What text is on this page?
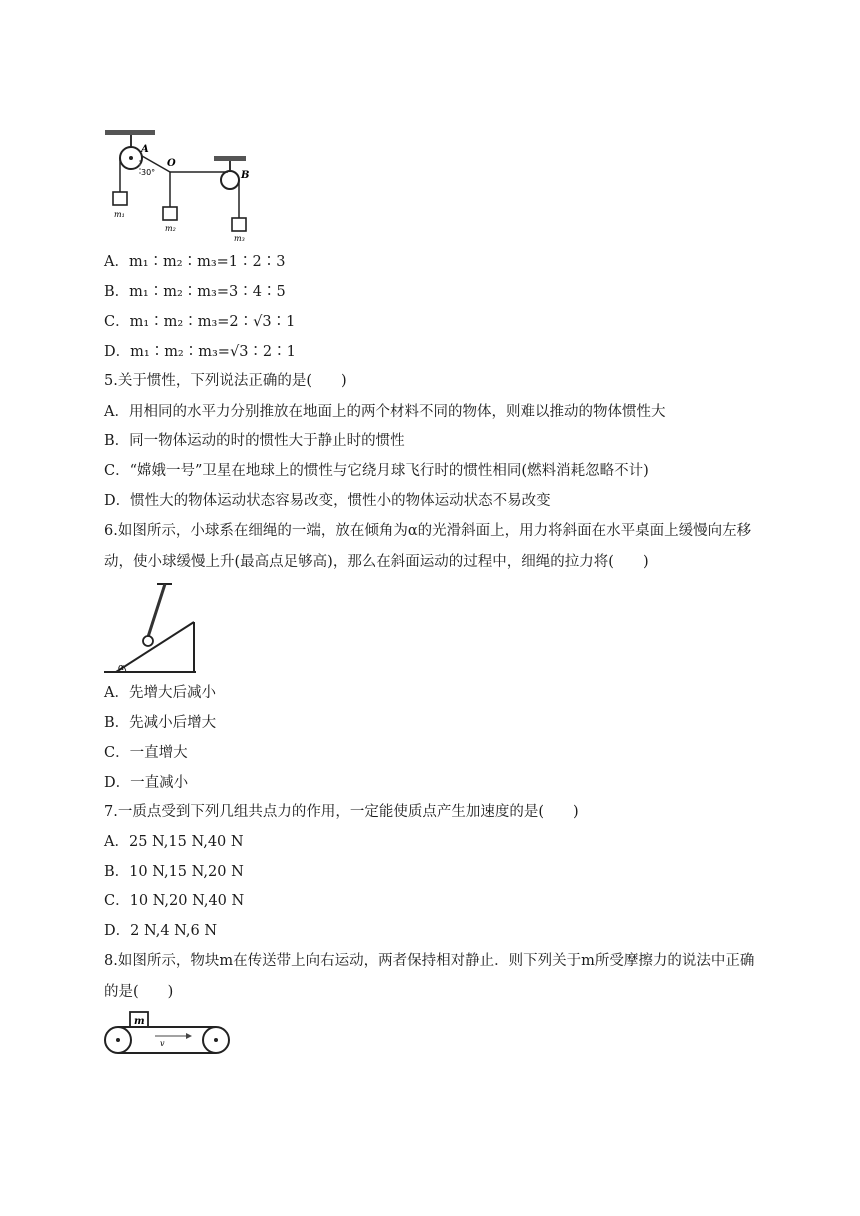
A
O
B
30°
m₁
m₂
m₃
A．m₁∶m₂∶m₃=1∶2∶3
B．m₁∶m₂∶m₃=3∶4∶5
C．m₁∶m₂∶m₃=2∶√3∶1
D．m₁∶m₂∶m₃=√3∶2∶1
5.关于惯性，下列说法正确的是(　　)
A．用相同的水平力分别推放在地面上的两个材料不同的物体，则难以推动的物体惯性大
B．同一物体运动的时的惯性大于静止时的惯性
C．“嫦娥一号”卫星在地球上的惯性与它绕月球飞行时的惯性相同(燃料消耗忽略不计)
D．惯性大的物体运动状态容易改变，惯性小的物体运动状态不易改变
6.如图所示，小球系在细绳的一端，放在倾角为α的光滑斜面上，用力将斜面在水平桌面上缓慢向左移动，使小球缓慢上升(最高点足够高)，那么在斜面运动的过程中，细绳的拉力将(　　)
α
A．先增大后减小
B．先减小后增大
C．一直增大
D．一直减小
7.一质点受到下列几组共点力的作用，一定能使质点产生加速度的是(　　)
A．25 N,15 N,40 N
B．10 N,15 N,20 N
C．10 N,20 N,40 N
D．2 N,4 N,6 N
8.如图所示，物块m在传送带上向右运动，两者保持相对静止．则下列关于m所受摩擦力的说法中正确的是(　　)
m
v
